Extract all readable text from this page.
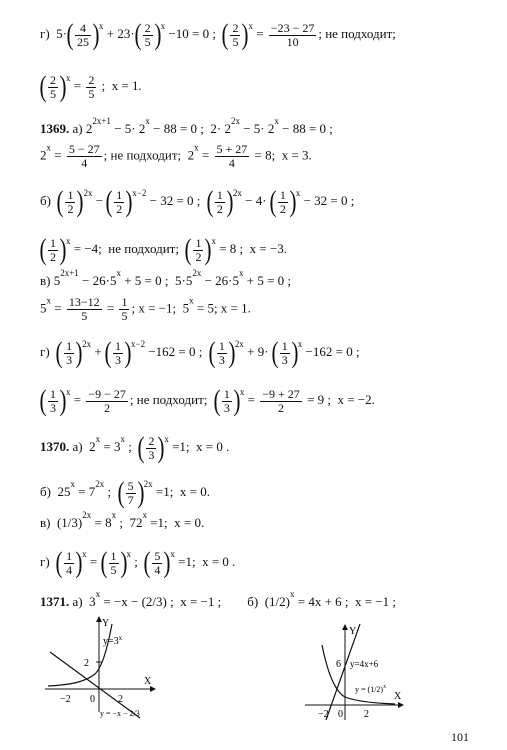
г)  $5\cdot( \frac{4}{25} )^x + 23\cdot( \frac{2}{5} )^x -10 = 0$ ;  ( $\frac{2}{5} )^x = \frac{-23 - 27}{10}$ ; не подходит;
( $\frac{2}{5} )^x = \frac{2}{5}$ ;  x = 1.
1369. а) $2^{2x+1} - 5\cdot 2^x - 88 = 0$ ;  $2\cdot 2^{2x} - 5\cdot 2^x - 88 = 0$ ;
$2^x = \frac{5 - 27}{4}$ ; не подходит;  $2^x = \frac{5 + 27}{4} = 8$;  x = 3.
б)  ( $\frac{1}{2} )^{2x}$ − ( $\frac{1}{2} )^{x-2} - 32 = 0$ ;  ( $\frac{1}{2} )^{2x} - 4\cdot$ ( $\frac{1}{2} )^x - 32 = 0$ ;
( $\frac{1}{2} )^x = -4$;  не подходит;  ( $\frac{1}{2} )^x = 8$ ;  x = −3.
в) $5^{2x+1} - 26\cdot 5^x + 5 = 0$ ;  $5\cdot 5^{2x} - 26\cdot 5^x + 5 = 0$ ;
$5^x = \frac{13-12}{5} = \frac{1}{5}$ ; x = −1;  $5^x = 5$; x = 1.
г)  ( $\frac{1}{3} )^{2x}$ + ( $\frac{1}{3} )^{x-2} -162 = 0$ ;  ( $\frac{1}{3} )^{2x} + 9\cdot$ ( $\frac{1}{3} )^x -162 = 0$ ;
( $\frac{1}{3} )^x = \frac{-9 - 27}{2}$ ; не подходит;  ( $\frac{1}{3} )^x = \frac{-9 + 27}{2} = 9$ ;  x = −2.
1370. а)  $2^x = 3^x$ ;  ( $\frac{2}{3} )^x =1$;  x = 0 .
б)  $25^x = 7^{2x}$ ;  ( $\frac{5}{7} )^{2x} =1$;  x = 0.
в)  $(1/3)^{2x} = 8^x$ ;  $72^x =1$;  x = 0.
г)  ( $\frac{1}{4} )^x$ = ( $\frac{1}{5} )^x$ ;  ( $\frac{5}{4} )^x =1$;  x = 0 .
1371. а)  $3^x = -x - (2/3)$ ;  x = −1 ;        б)  $(1/2)^x = 4x + 6$ ;  x = −1 ;
2
−2 0 2
$y=3^x$
X
Y
y = −x − 2/3
6 y=4x+6
X
Y
−2 0 2
$y = (1/2)^x$
101
